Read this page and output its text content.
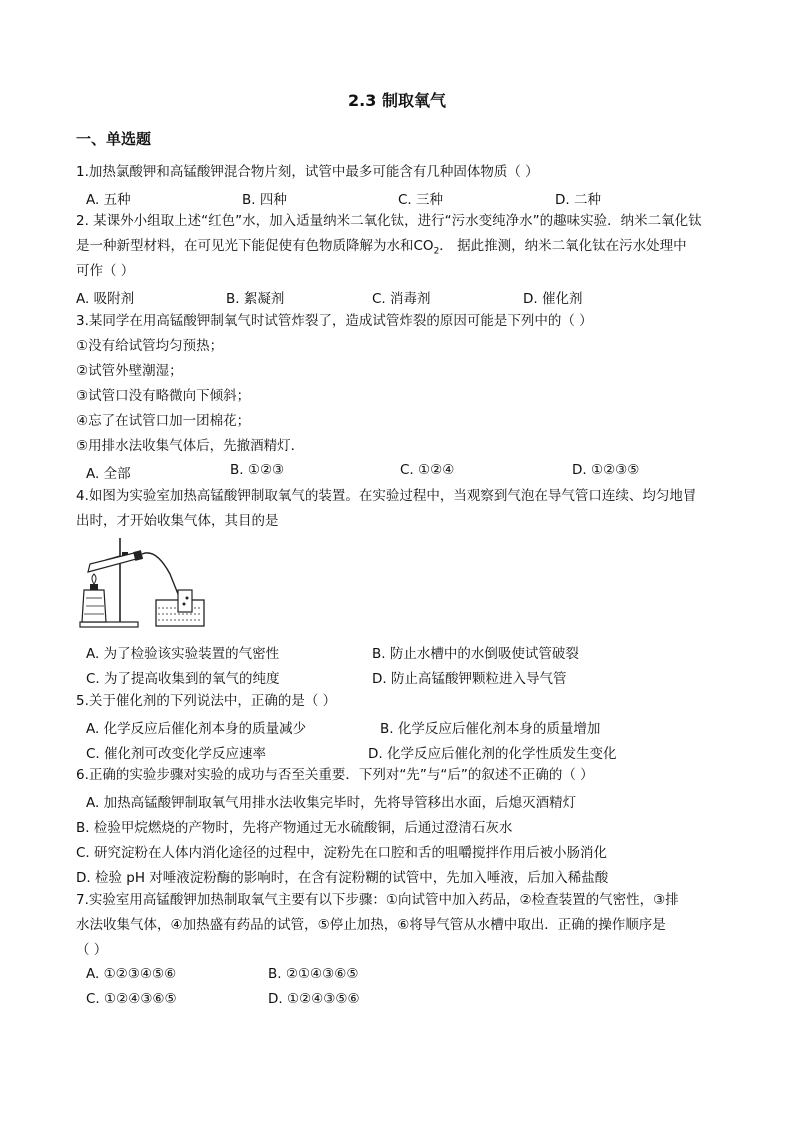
2.3 制取氧气
一、单选题
1.加热氯酸钾和高锰酸钾混合物片刻，试管中最多可能含有几种固体物质（ ）
A. 五种	B. 四种	C. 三种	D. 二种
2. 某课外小组取上述“红色”水，加入适量纳米二氧化钛，进行“污水变纯净水”的趣味实验．纳米二氧化钛
是一种新型材料，在可见光下能促使有色物质降解为水和$CO_2$． 据此推测，纳米二氧化钛在污水处理中
可作（ ）
A. 吸附剂	B. 絮凝剂	C. 消毒剂	D. 催化剂
3.某同学在用高锰酸钾制氧气时试管炸裂了，造成试管炸裂的原因可能是下列中的（ ）
①没有给试管均匀预热；
②试管外壁潮湿；
③试管口没有略微向下倾斜；
④忘了在试管口加一团棉花；
⑤用排水法收集气体后，先撤酒精灯．
A. 全部	B. ①②③	C. ①②④	D. ①②③⑤
4.如图为实验室加热高锰酸钾制取氧气的装置。在实验过程中，当观察到气泡在导气管口连续、均匀地冒
出时，才开始收集气体，其目的是
A. 为了检验该实验装置的气密性	B. 防止水槽中的水倒吸使试管破裂
C. 为了提高收集到的氧气的纯度	D. 防止高锰酸钾颗粒进入导气管
5.关于催化剂的下列说法中，正确的是（ ）
A. 化学反应后催化剂本身的质量减少	B. 化学反应后催化剂本身的质量增加
C. 催化剂可改变化学反应速率	D. 化学反应后催化剂的化学性质发生变化
6.正确的实验步骤对实验的成功与否至关重要．下列对“先”与“后”的叙述不正确的（ ）
A. 加热高锰酸钾制取氧气用排水法收集完毕时，先将导管移出水面，后熄灭酒精灯
B. 检验甲烷燃烧的产物时，先将产物通过无水硫酸铜，后通过澄清石灰水
C. 研究淀粉在人体内消化途径的过程中，淀粉先在口腔和舌的咀嚼搅拌作用后被小肠消化
D. 检验 pH 对唾液淀粉酶的影响时，在含有淀粉糊的试管中，先加入唾液，后加入稀盐酸
7.实验室用高锰酸钾加热制取氧气主要有以下步骤：①向试管中加入药品，②检查装置的气密性，③排
水法收集气体，④加热盛有药品的试管，⑤停止加热，⑥将导气管从水槽中取出．正确的操作顺序是
（ ）
A. ①②③④⑤⑥	B. ②①④③⑥⑤
C. ①②④③⑥⑤	D. ①②④③⑤⑥
